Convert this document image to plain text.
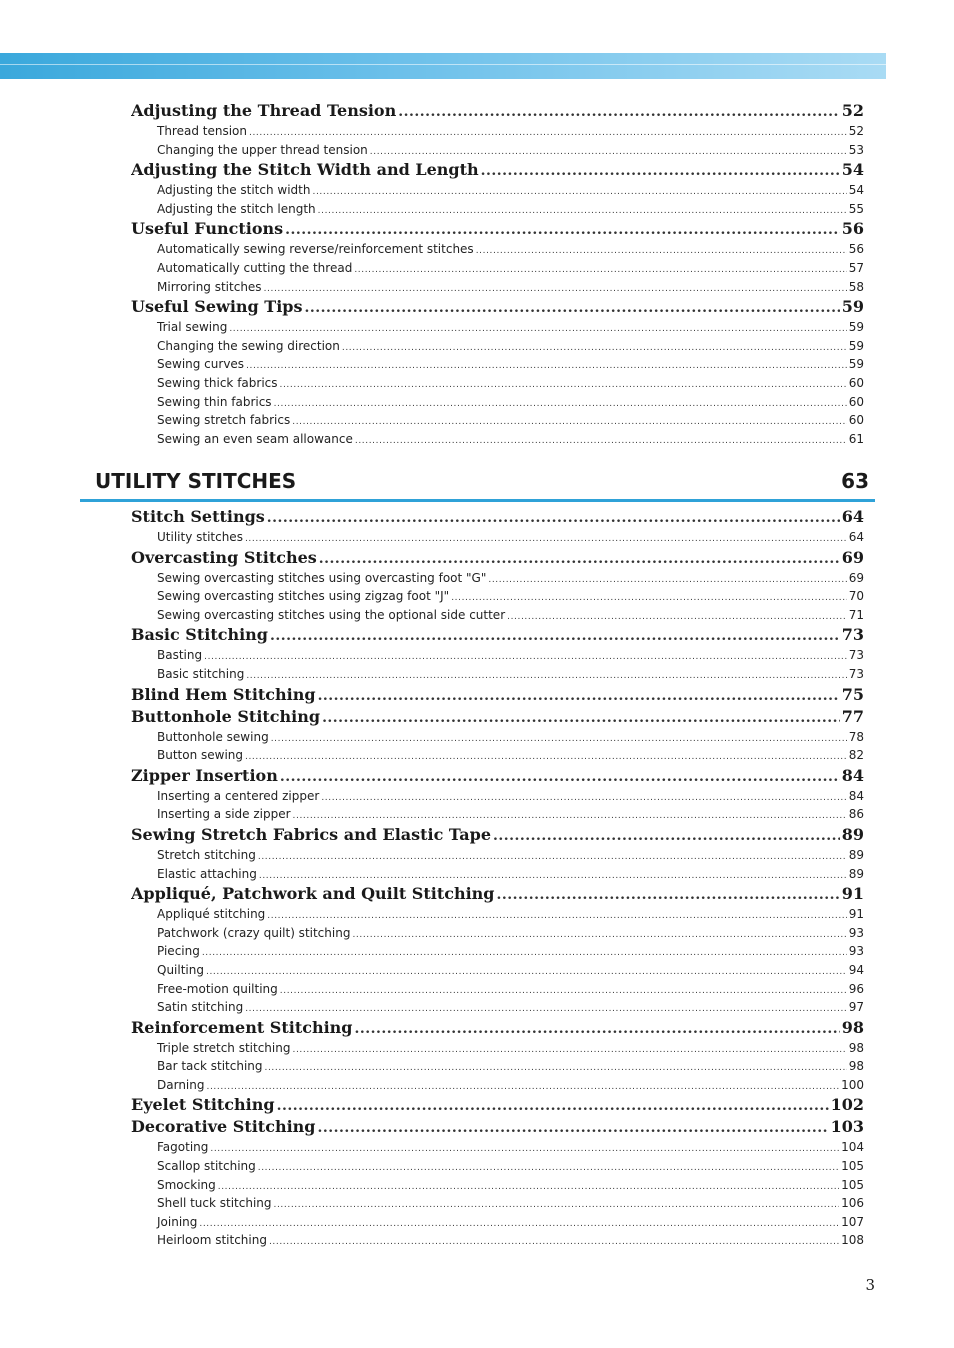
Adjusting the Thread Tension .....	52
Thread tension .....	52
Changing the upper thread tension .....	53
Adjusting the Stitch Width and Length .....	54
Adjusting the stitch width .....	54
Adjusting the stitch length .....	55
Useful Functions .....	56
Automatically sewing reverse/reinforcement stitches .....	56
Automatically cutting the thread .....	57
Mirroring stitches .....	58
Useful Sewing Tips .....	59
Trial sewing .....	59
Changing the sewing direction .....	59
Sewing curves .....	59
Sewing thick fabrics .....	60
Sewing thin fabrics .....	60
Sewing stretch fabrics .....	60
Sewing an even seam allowance .....	61
UTILITY STITCHES	63
Stitch Settings .....	64
Utility stitches .....	64
Overcasting Stitches .....	69
Sewing overcasting stitches using overcasting foot "G" .....	69
Sewing overcasting stitches using zigzag foot "J" .....	70
Sewing overcasting stitches using the optional side cutter .....	71
Basic Stitching .....	73
Basting .....	73
Basic stitching .....	73
Blind Hem Stitching .....	75
Buttonhole Stitching .....	77
Buttonhole sewing .....	78
Button sewing .....	82
Zipper Insertion .....	84
Inserting a centered zipper .....	84
Inserting a side zipper .....	86
Sewing Stretch Fabrics and Elastic Tape .....	89
Stretch stitching .....	89
Elastic attaching .....	89
Appliqué, Patchwork and Quilt Stitching .....	91
Appliqué stitching .....	91
Patchwork (crazy quilt) stitching .....	93
Piecing .....	93
Quilting .....	94
Free-motion quilting .....	96
Satin stitching .....	97
Reinforcement Stitching .....	98
Triple stretch stitching .....	98
Bar tack stitching .....	98
Darning .....	100
Eyelet Stitching .....	102
Decorative Stitching .....	103
Fagoting .....	104
Scallop stitching .....	105
Smocking .....	105
Shell tuck stitching .....	106
Joining .....	107
Heirloom stitching .....	108
3
